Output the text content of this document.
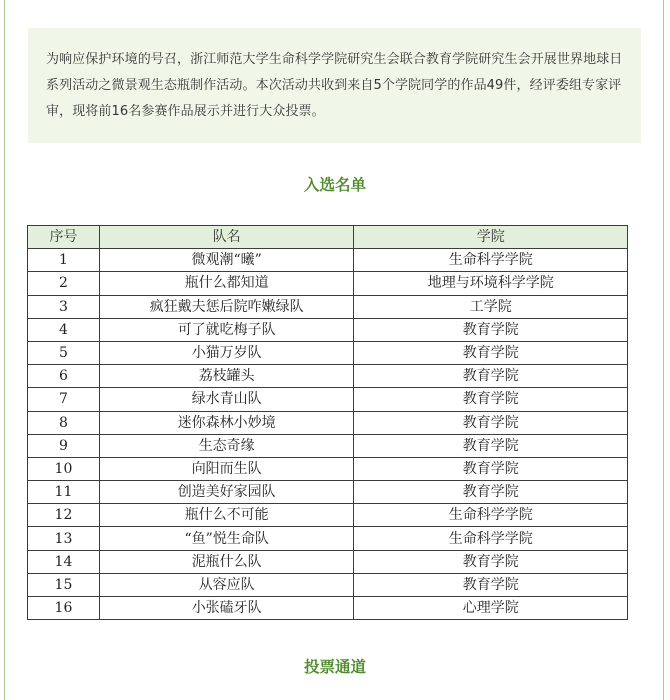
为响应保护环境的号召，浙江师范大学生命科学学院研究生会联合教育学院研究生会开展世界地球日系列活动之微景观生态瓶制作活动。本次活动共收到来自5个学院同学的作品49件，经评委组专家评审，现将前16名参赛作品展示并进行大众投票。
入选名单
序号	队名	学院
1	微观潮“曦”	生命科学学院
2	瓶什么都知道	地理与环境科学学院
3	疯狂戴夫惩后院咋嫩绿队	工学院
4	可了就吃梅子队	教育学院
5	小猫万岁队	教育学院
6	荔枝罐头	教育学院
7	绿水青山队	教育学院
8	迷你森林小妙境	教育学院
9	生态奇缘	教育学院
10	向阳而生队	教育学院
11	创造美好家园队	教育学院
12	瓶什么不可能	生命科学学院
13	“鱼”悦生命队	生命科学学院
14	泥瓶什么队	教育学院
15	从容应队	教育学院
16	小张磕牙队	心理学院
投票通道
